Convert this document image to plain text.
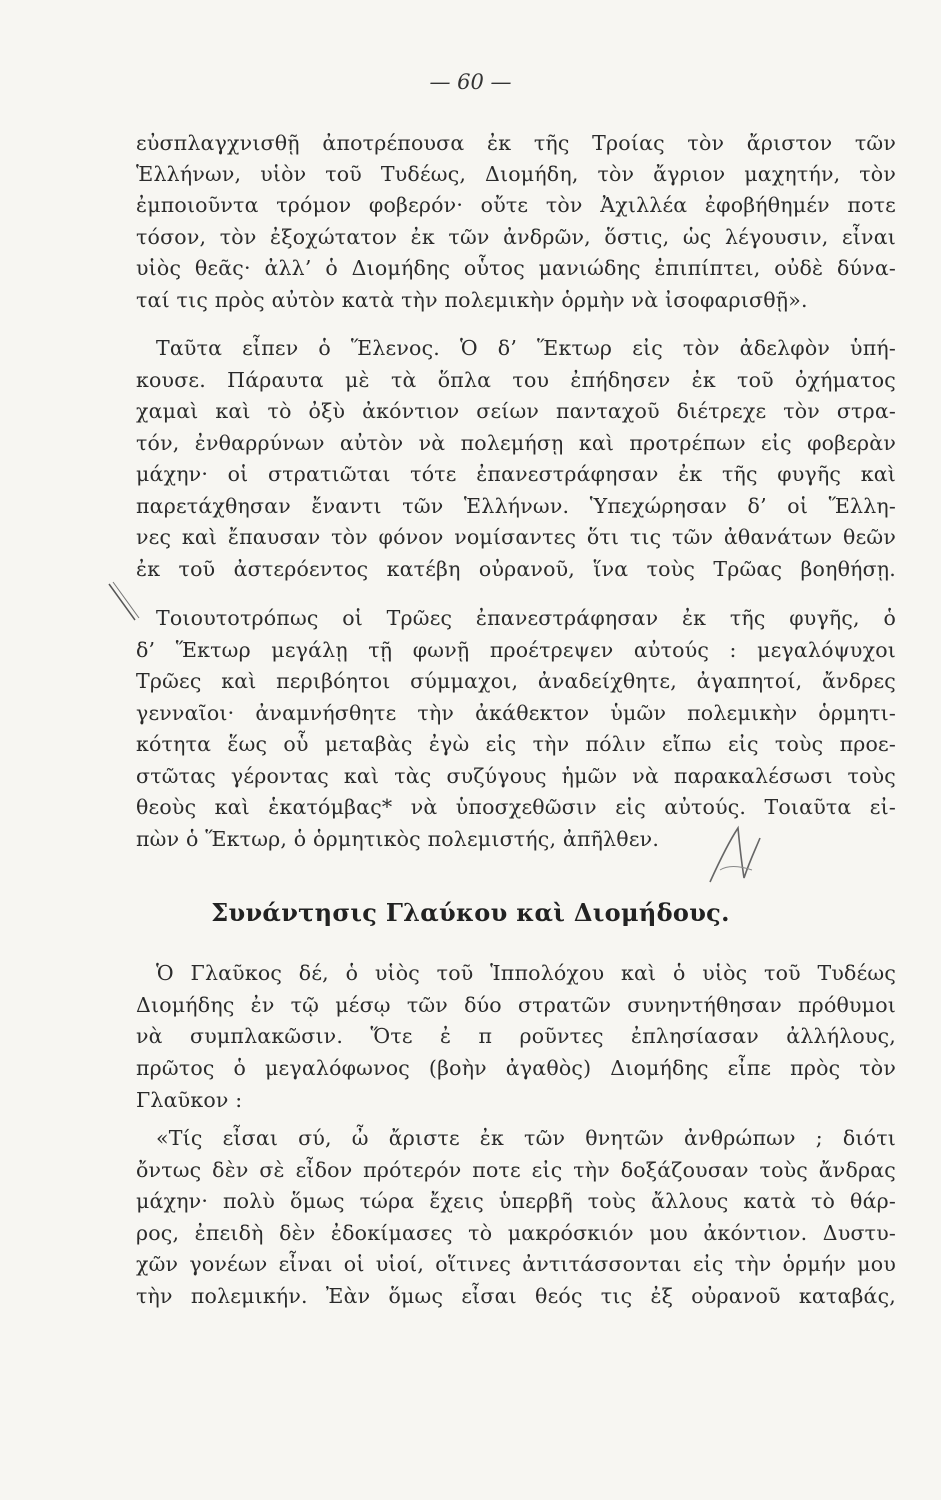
— 60 —
εὐσπλαγχνισθῇ ἀποτρέπουσα ἐκ τῆς Τροίας τὸν ἄριστον τῶν
Ἑλλήνων, υἱὸν τοῦ Τυδέως, Διομήδη, τὸν ἄγριον μαχητήν, τὸν
ἐμποιοῦντα τρόμον φοβερόν· οὔτε τὸν Ἀχιλλέα ἐφοβήθημέν ποτε
τόσον, τὸν ἐξοχώτατον ἐκ τῶν ἀνδρῶν, ὅστις, ὡς λέγουσιν, εἶναι
υἱὸς θεᾶς· ἀλλ’ ὁ Διομήδης οὗτος μανιώδης ἐπιπίπτει, οὐδὲ δύνα-
ταί τις πρὸς αὐτὸν κατὰ τὴν πολεμικὴν ὁρμὴν νὰ ἰσοφαρισθῇ».
Ταῦτα εἶπεν ὁ Ἕλενος. Ὁ δ’ Ἕκτωρ εἰς τὸν ἀδελφὸν ὑπή-
κουσε. Πάραυτα μὲ τὰ ὅπλα του ἐπήδησεν ἐκ τοῦ ὀχήματος
χαμαὶ καὶ τὸ ὀξὺ ἀκόντιον σείων πανταχοῦ διέτρεχε τὸν στρα-
τόν, ἐνθαρρύνων αὐτὸν νὰ πολεμήσῃ καὶ προτρέπων εἰς φοβερὰν
μάχην· οἱ στρατιῶται τότε ἐπανεστράφησαν ἐκ τῆς φυγῆς καὶ
παρετάχθησαν ἔναντι τῶν Ἑλλήνων. Ὑπεχώρησαν δ’ οἱ Ἕλλη-
νες καὶ ἔπαυσαν τὸν φόνον νομίσαντες ὅτι τις τῶν ἀθανάτων θεῶν
ἐκ τοῦ ἀστερόεντος κατέβη οὐρανοῦ, ἵνα τοὺς Τρῶας βοηθήσῃ.
Τοιουτοτρόπως οἱ Τρῶες ἐπανεστράφησαν ἐκ τῆς φυγῆς, ὁ
δ’ Ἕκτωρ μεγάλῃ τῇ φωνῇ προέτρεψεν αὐτούς : μεγαλόψυχοι
Τρῶες καὶ περιβόητοι σύμμαχοι, ἀναδείχθητε, ἀγαπητοί, ἄνδρες
γενναῖοι· ἀναμνήσθητε τὴν ἀκάθεκτον ὑμῶν πολεμικὴν ὁρμητι-
κότητα ἕως οὗ μεταβὰς ἐγὼ εἰς τὴν πόλιν εἴπω εἰς τοὺς προε-
στῶτας γέροντας καὶ τὰς συζύγους ἡμῶν νὰ παρακαλέσωσι τοὺς
θεοὺς καὶ ἑκατόμβας* νὰ ὑποσχεθῶσιν εἰς αὐτούς. Τοιαῦτα εἰ-
πὼν ὁ Ἕκτωρ, ὁ ὁρμητικὸς πολεμιστής, ἀπῆλθεν.
Συνάντησις Γλαύκου καὶ Διομήδους.
Ὁ Γλαῦκος δέ, ὁ υἱὸς τοῦ Ἱππολόχου καὶ ὁ υἱὸς τοῦ Τυδέως
Διομήδης ἐν τῷ μέσῳ τῶν δύο στρατῶν συνηντήθησαν πρόθυμοι
νὰ συμπλακῶσιν. Ὅτε ἐ π ροῦντες ἐπλησίασαν ἀλλήλους,
πρῶτος ὁ μεγαλόφωνος (βοὴν ἀγαθὸς) Διομήδης εἶπε πρὸς τὸν
Γλαῦκον :
«Τίς εἶσαι σύ, ὦ ἄριστε ἐκ τῶν θνητῶν ἀνθρώπων ; διότι
ὄντως δὲν σὲ εἶδον πρότερόν ποτε εἰς τὴν δοξάζουσαν τοὺς ἄνδρας
μάχην· πολὺ ὅμως τώρα ἔχεις ὑπερβῆ τοὺς ἄλλους κατὰ τὸ θάρ-
ρος, ἐπειδὴ δὲν ἐδοκίμασες τὸ μακρόσκιόν μου ἀκόντιον. Δυστυ-
χῶν γονέων εἶναι οἱ υἱοί, οἵτινες ἀντιτάσσονται εἰς τὴν ὁρμήν μου
τὴν πολεμικήν. Ἐὰν ὅμως εἶσαι θεός τις ἐξ οὐρανοῦ καταβάς,
